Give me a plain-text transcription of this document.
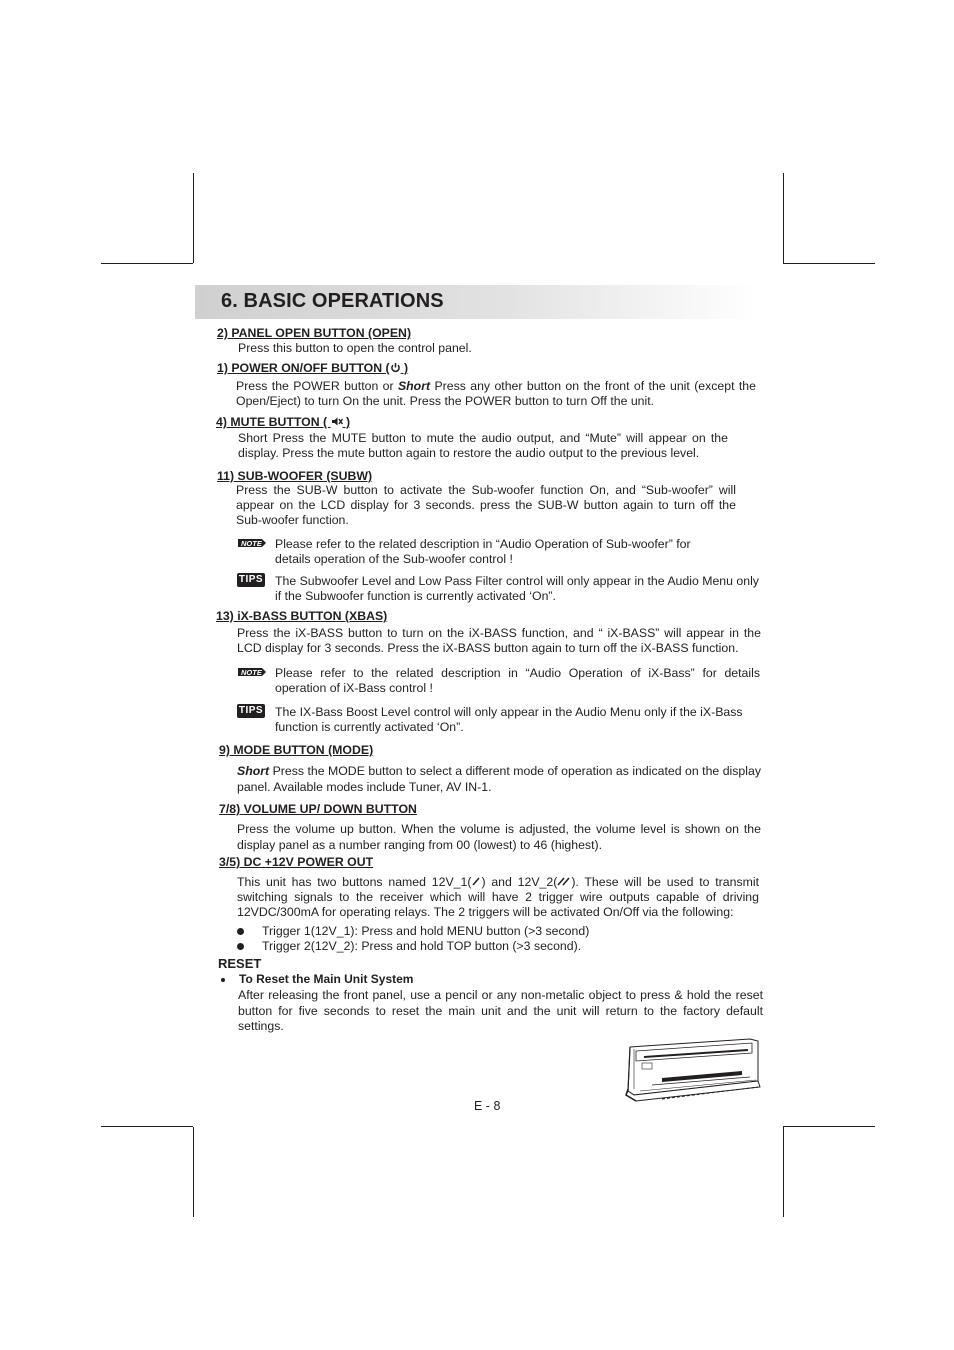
6. BASIC OPERATIONS
2) PANEL OPEN BUTTON (OPEN)
Press this button to open the control panel.
1) POWER ON/OFF BUTTON ( )
Press the POWER button or Short Press any other button on the front of the unit (except the Open/Eject) to turn On the unit. Press the POWER button to turn Off the unit.
4) MUTE BUTTON (  )
Short Press the MUTE button to mute the audio output, and “Mute” will appear on the display. Press the mute button again to restore the audio output to the previous level.
11) SUB-WOOFER (SUBW)
Press the SUB-W button to activate the Sub-woofer function On, and “Sub-woofer” will appear on the LCD display for 3 seconds. press the SUB-W button again to turn off the Sub-woofer function.
NOTE Please refer to the related description in “Audio Operation of Sub-woofer” for details operation of the Sub-woofer control !
TIPS The Subwoofer Level and Low Pass Filter control will only appear in the Audio Menu only if the Subwoofer function is currently activated ‘On”.
13) iX-BASS BUTTON (XBAS)
Press the iX-BASS button to turn on the iX-BASS function, and “ iX-BASS” will appear in the LCD display for 3 seconds. Press the iX-BASS button again to turn off the iX-BASS function.
NOTE Please refer to the related description in “Audio Operation of iX-Bass” for details operation of iX-Bass control !
TIPS The IX-Bass Boost Level control will only appear in the Audio Menu only if the iX-Bass function is currently activated ‘On”.
9) MODE BUTTON (MODE)
Short Press the MODE button to select a different mode of operation as indicated on the display panel. Available modes include Tuner, AV IN-1.
7/8) VOLUME UP/ DOWN BUTTON
Press the volume up button. When the volume is adjusted, the volume level is shown on the display panel as a number ranging from 00 (lowest) to 46 (highest).
3/5) DC +12V POWER OUT
This unit has two buttons named 12V_1( ) and 12V_2( ). These will be used to transmit switching signals to the receiver which will have 2 trigger wire outputs capable of driving 12VDC/300mA for operating relays. The 2 triggers will be activated On/Off via the following:
Trigger 1(12V_1): Press and hold MENU button (>3 second)
Trigger 2(12V_2): Press and hold TOP button (>3 second).
RESET
To Reset the Main Unit System
After releasing the front panel, use a pencil or any non-metalic object to press & hold the reset button for five seconds to reset the main unit and the unit will return to the factory default settings.
E - 8
